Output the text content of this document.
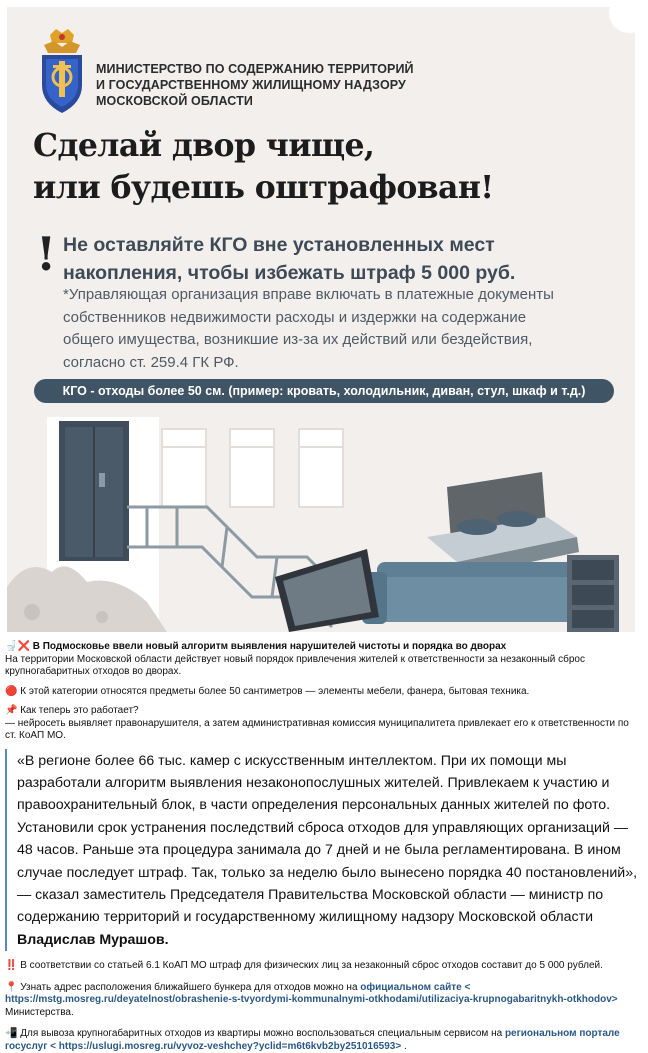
МИНИСТЕРСТВО ПО СОДЕРЖАНИЮ ТЕРРИТОРИЙ
И ГОСУДАРСТВЕННОМУ ЖИЛИЩНОМУ НАДЗОРУ
МОСКОВСКОЙ ОБЛАСТИ
Сделай двор чище,
или будешь оштрафован!
! Не оставляйте КГО вне установленных мест
накопления, чтобы избежать штраф 5 000 руб.
*Управляющая организация вправе включать в платежные документы
собственников недвижимости расходы и издержки на содержание
общего имущества, возникшие из-за их действий или бездействия,
согласно ст. 259.4 ГК РФ.
КГО - отходы более 50 см. (пример: кровать, холодильник, диван, стул, шкаф и т.д.)

🚽❌ В Подмосковье ввели новый алгоритм выявления нарушителей чистоты и порядка во дворах

На территории Московской области действует новый порядок привлечения жителей к ответственности за незаконный сброс крупногабаритных отходов во дворах.

🔴 К этой категории относятся предметы более 50 сантиметров — элементы мебели, фанера, бытовая техника.

📌 Как теперь это работает?

— нейросеть выявляет правонарушителя, а затем административная комиссия муниципалитета привлекает его к ответственности по ст. КоАП МО.

«В регионе более 66 тыс. камер с искусственным интеллектом. При их помощи мы разработали алгоритм выявления незаконопослушных жителей. Привлекаем к участию и правоохранительный блок, в части определения персональных данных жителей по фото. Установили срок устранения последствий сброса отходов для управляющих организаций — 48 часов. Раньше эта процедура занимала до 7 дней и не была регламентирована. В ином случае последует штраф. Так, только за неделю было вынесено порядка 40 постановлений», — сказал заместитель Председателя Правительства Московской области — министр по содержанию территорий и государственному жилищному надзору Московской области Владислав Мурашов.

‼️ В соответствии со статьей 6.1 КоАП МО штраф для физических лиц за незаконный сброс отходов составит до 5 000 рублей.

📍 Узнать адрес расположения ближайшего бункера для отходов можно на официальном сайте < https://mstg.mosreg.ru/deyatelnost/obrashenie-s-tvyordymi-kommunalnymi-otkhodami/utilizaciya-krupnogabaritnykh-otkhodov> Министерства.

📲 Для вывоза крупногабаритных отходов из квартиры можно воспользоваться специальным сервисом на региональном портале госуслуг < https://uslugi.mosreg.ru/vyvoz-veshchey?yclid=m6t6kvb2by251016593> .
